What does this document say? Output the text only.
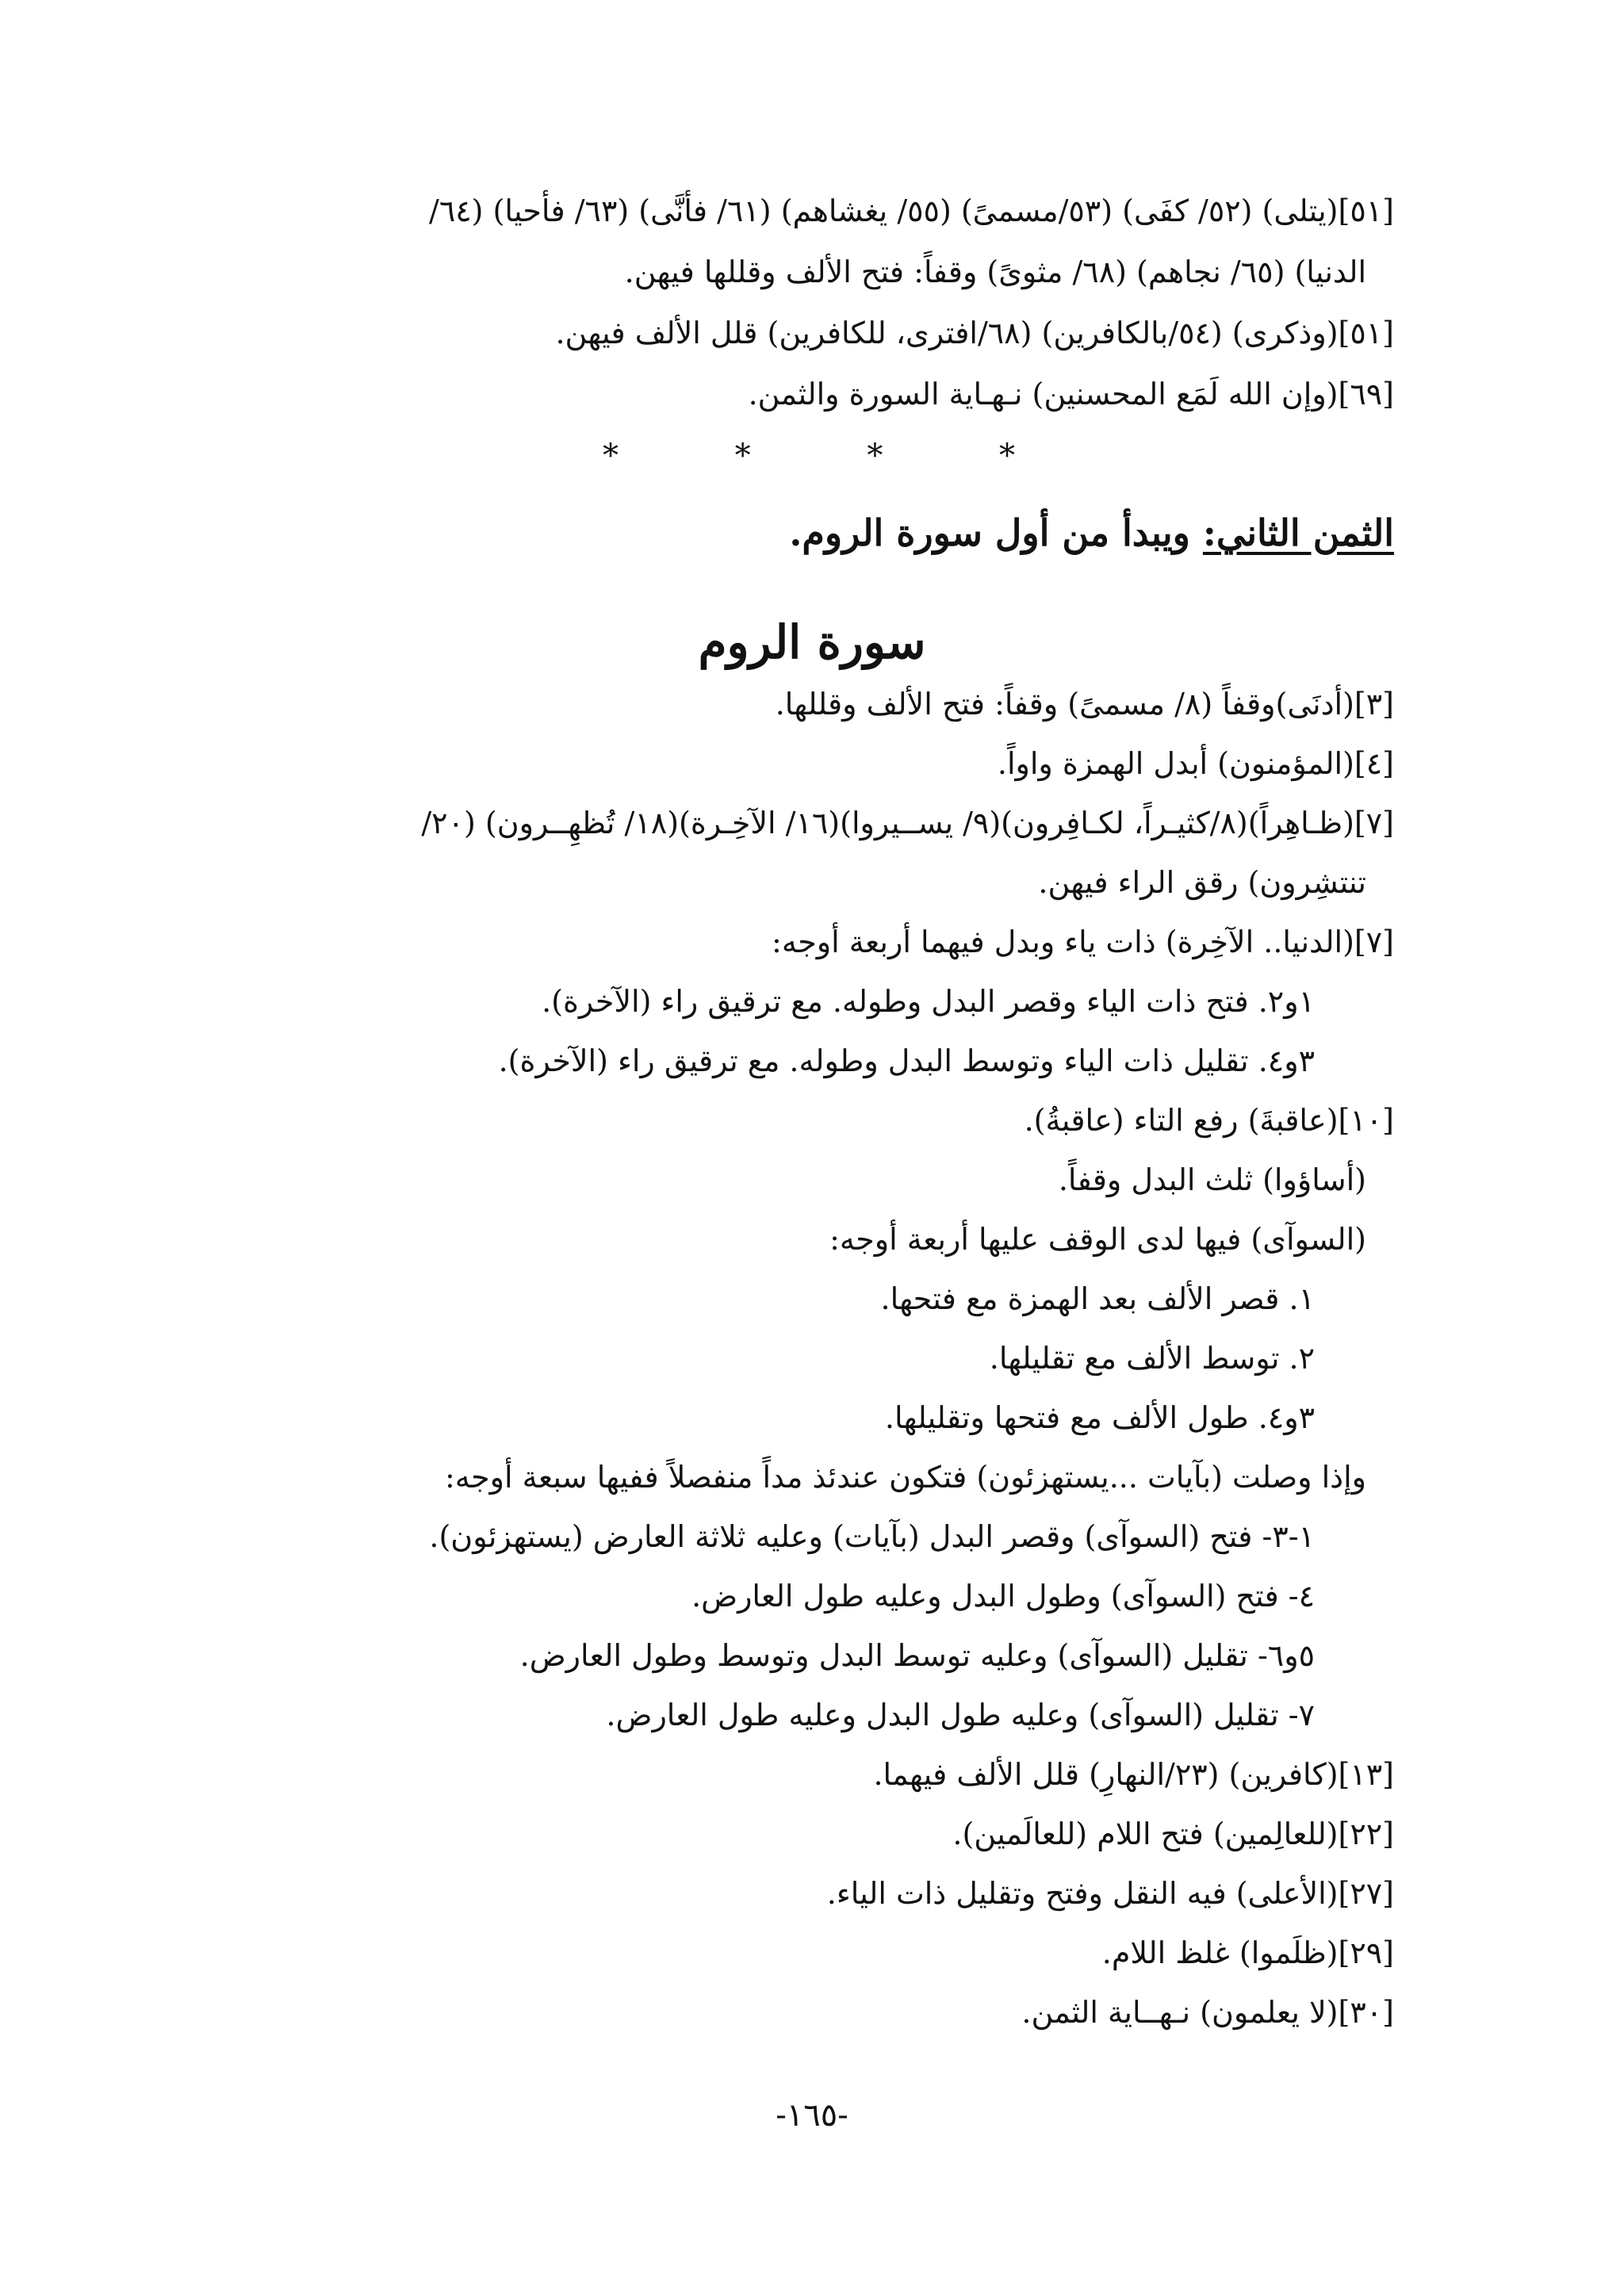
[٥١](يتلى) (٥٢/ كفَى) (٥٣/مسمىً) (٥٥/ يغشاهم) (٦١/ فأنَّى) (٦٣/ فأحيا) (٦٤/
الدنيا) (٦٥/ نجاهم) (٦٨/ مثوىً) وقفاً: فتح الألف وقللها فيهن.
[٥١](وذكرى) (٥٤/بالكافرين) (٦٨/افترى، للكافرين) قلل الألف فيهن.
[٦٩](وإن الله لَمَع المحسنين) نـهـاية السورة والثمن.
*	*	*	*
الثمن الثاني: ويبدأ من أول سورة الروم.
سورة الروم
[٣](أدنَى)وقفاً (٨/ مسمىً) وقفاً: فتح الألف وقللها.
[٤](المؤمنون) أبدل الهمزة واواً.
[٧](ظـاهِراً)(٨/كثيـراً، لكـافِرون)(٩/ يســيروا)(١٦/ الآخِـرة)(١٨/ تُظهِــرون) (٢٠/
تنتشِرون) رقق الراء فيهن.
[٧](الدنيا.. الآخِرة) ذات ياء وبدل فيهما أربعة أوجه:
١و٢. فتح ذات الياء وقصر البدل وطوله. مع ترقيق راء (الآخرة).
٣و٤. تقليل ذات الياء وتوسط البدل وطوله. مع ترقيق راء (الآخرة).
[١٠](عاقبةَ) رفع التاء (عاقبةُ).
(أساؤوا) ثلث البدل وقفاً.
(السوآى) فيها لدى الوقف عليها أربعة أوجه:
١. قصر الألف بعد الهمزة مع فتحها.
٢. توسط الألف مع تقليلها.
٣و٤. طول الألف مع فتحها وتقليلها.
وإذا وصلت (بآيات ...يستهزئون) فتكون عندئذ مداً منفصلاً ففيها سبعة أوجه:
١-٣- فتح (السوآى) وقصر البدل (بآيات) وعليه ثلاثة العارض (يستهزئون).
٤- فتح (السوآى) وطول البدل وعليه طول العارض.
٥و٦- تقليل (السوآى) وعليه توسط البدل وتوسط وطول العارض.
٧- تقليل (السوآى) وعليه طول البدل وعليه طول العارض.
[١٣](كافرين) (٢٣/النهارِ) قلل الألف فيهما.
[٢٢](للعالِمين) فتح اللام (للعالَمين).
[٢٧](الأعلى) فيه النقل وفتح وتقليل ذات الياء.
[٢٩](ظلَموا) غلظ اللام.
[٣٠](لا يعلمون) نـهــاية الثمن.
-١٦٥-
